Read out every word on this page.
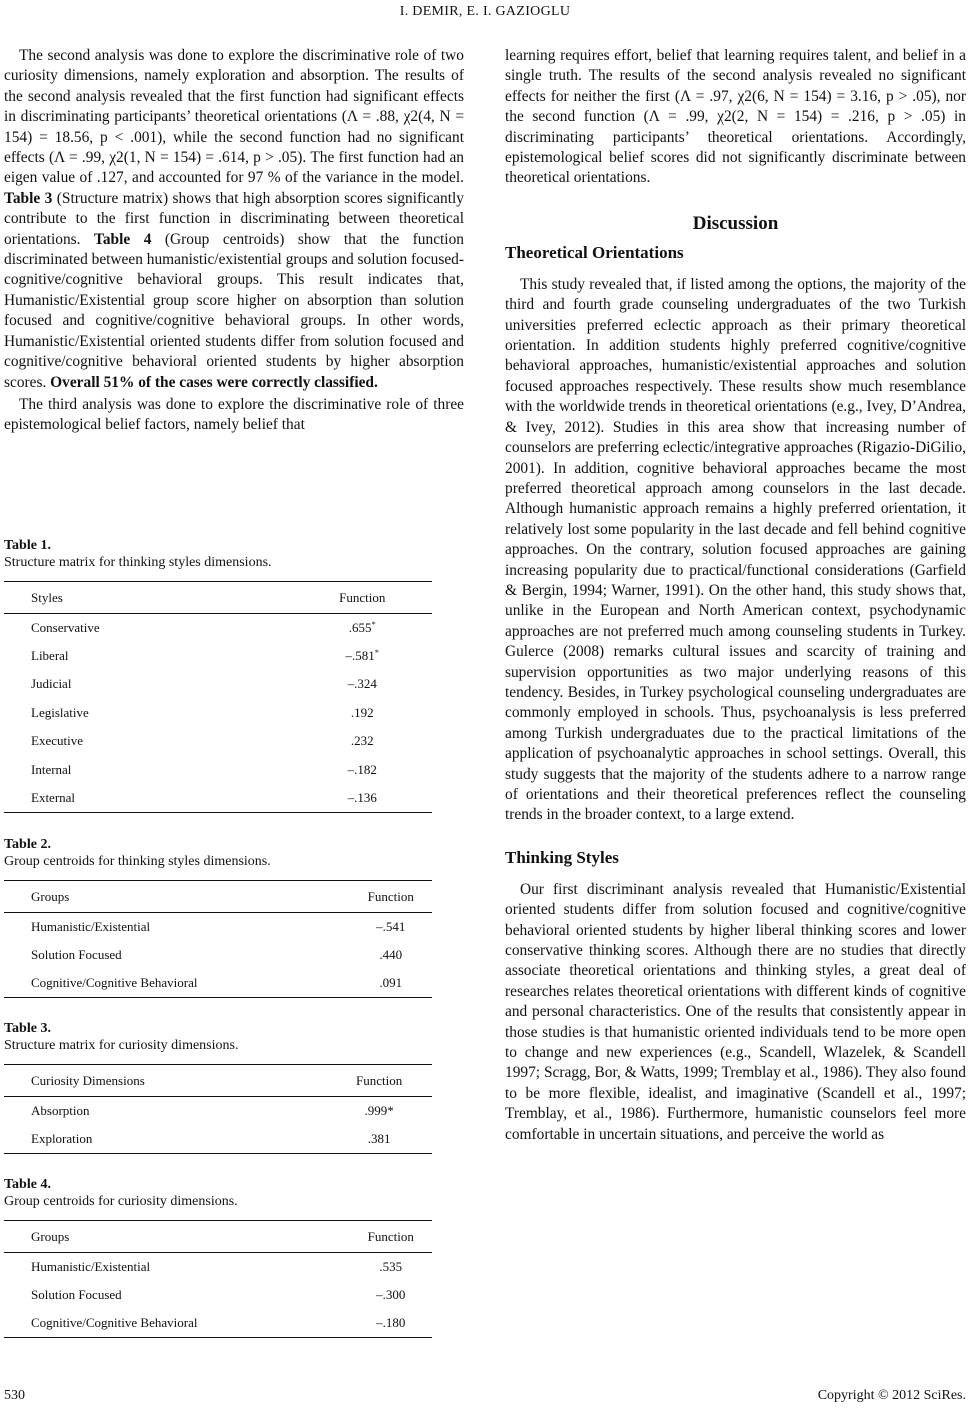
I. DEMIR, E. I. GAZIOGLU

The second analysis was done to explore the discriminative role of two curiosity dimensions, namely exploration and absorption. The results of the second analysis revealed that the first function had significant effects in discriminating participants’ theoretical orientations (Λ = .88, χ2(4, N = 154) = 18.56, p < .001), while the second function had no significant effects (Λ = .99, χ2(1, N = 154) = .614, p > .05). The first function had an eigen value of .127, and accounted for 97 % of the variance in the model. Table 3 (Structure matrix) shows that high absorption scores significantly contribute to the first function in discriminating between theoretical orientations. Table 4 (Group centroids) show that the function discriminated between humanistic/existential groups and solution focused-cognitive/cognitive behavioral groups. This result indicates that, Humanistic/Existential group score higher on absorption than solution focused and cognitive/cognitive behavioral groups. In other words, Humanistic/Existential oriented students differ from solution focused and cognitive/cognitive behavioral oriented students by higher absorption scores. Overall 51% of the cases were correctly classified.

The third analysis was done to explore the discriminative role of three epistemological belief factors, namely belief that

Table 1.
Structure matrix for thinking styles dimensions.
Styles	Function
Conservative	.655*
Liberal	–.581*
Judicial	–.324
Legislative	.192
Executive	.232
Internal	–.182
External	–.136
Table 2.
Group centroids for thinking styles dimensions.
Groups	Function
Humanistic/Existential	–.541
Solution Focused	.440
Cognitive/Cognitive Behavioral	.091
Table 3.
Structure matrix for curiosity dimensions.
Curiosity Dimensions	Function
Absorption	.999*
Exploration	.381
Table 4.
Group centroids for curiosity dimensions.
Groups	Function
Humanistic/Existential	.535
Solution Focused	–.300
Cognitive/Cognitive Behavioral	–.180

learning requires effort, belief that learning requires talent, and belief in a single truth. The results of the second analysis revealed no significant effects for neither the first (Λ = .97, χ2(6, N = 154) = 3.16, p > .05), nor the second function (Λ = .99, χ2(2, N = 154) = .216, p > .05) in discriminating participants’ theoretical orientations. Accordingly, epistemological belief scores did not significantly discriminate between theoretical orientations.

Discussion
Theoretical Orientations

This study revealed that, if listed among the options, the majority of the third and fourth grade counseling undergraduates of the two Turkish universities preferred eclectic approach as their primary theoretical orientation. In addition students highly preferred cognitive/cognitive behavioral approaches, humanistic/existential approaches and solution focused approaches respectively. These results show much resemblance with the worldwide trends in theoretical orientations (e.g., Ivey, D’Andrea, & Ivey, 2012). Studies in this area show that increasing number of counselors are preferring eclectic/integrative approaches (Rigazio-DiGilio, 2001). In addition, cognitive behavioral approaches became the most preferred theoretical approach among counselors in the last decade. Although humanistic approach remains a highly preferred orientation, it relatively lost some popularity in the last decade and fell behind cognitive approaches. On the contrary, solution focused approaches are gaining increasing popularity due to practical/functional considerations (Garfield & Bergin, 1994; Warner, 1991). On the other hand, this study shows that, unlike in the European and North American context, psychodynamic approaches are not preferred much among counseling students in Turkey. Gulerce (2008) remarks cultural issues and scarcity of training and supervision opportunities as two major underlying reasons of this tendency. Besides, in Turkey psychological counseling undergraduates are commonly employed in schools. Thus, psychoanalysis is less preferred among Turkish undergraduates due to the practical limitations of the application of psychoanalytic approaches in school settings. Overall, this study suggests that the majority of the students adhere to a narrow range of orientations and their theoretical preferences reflect the counseling trends in the broader context, to a large extend.

Thinking Styles

Our first discriminant analysis revealed that Humanistic/Existential oriented students differ from solution focused and cognitive/cognitive behavioral oriented students by higher liberal thinking scores and lower conservative thinking scores. Although there are no studies that directly associate theoretical orientations and thinking styles, a great deal of researches relates theoretical orientations with different kinds of cognitive and personal characteristics. One of the results that consistently appear in those studies is that humanistic oriented individuals tend to be more open to change and new experiences (e.g., Scandell, Wlazelek, & Scandell 1997; Scragg, Bor, & Watts, 1999; Tremblay et al., 1986). They also found to be more flexible, idealist, and imaginative (Scandell et al., 1997; Tremblay, et al., 1986). Furthermore, humanistic counselors feel more comfortable in uncertain situations, and perceive the world as

530	Copyright © 2012 SciRes.
